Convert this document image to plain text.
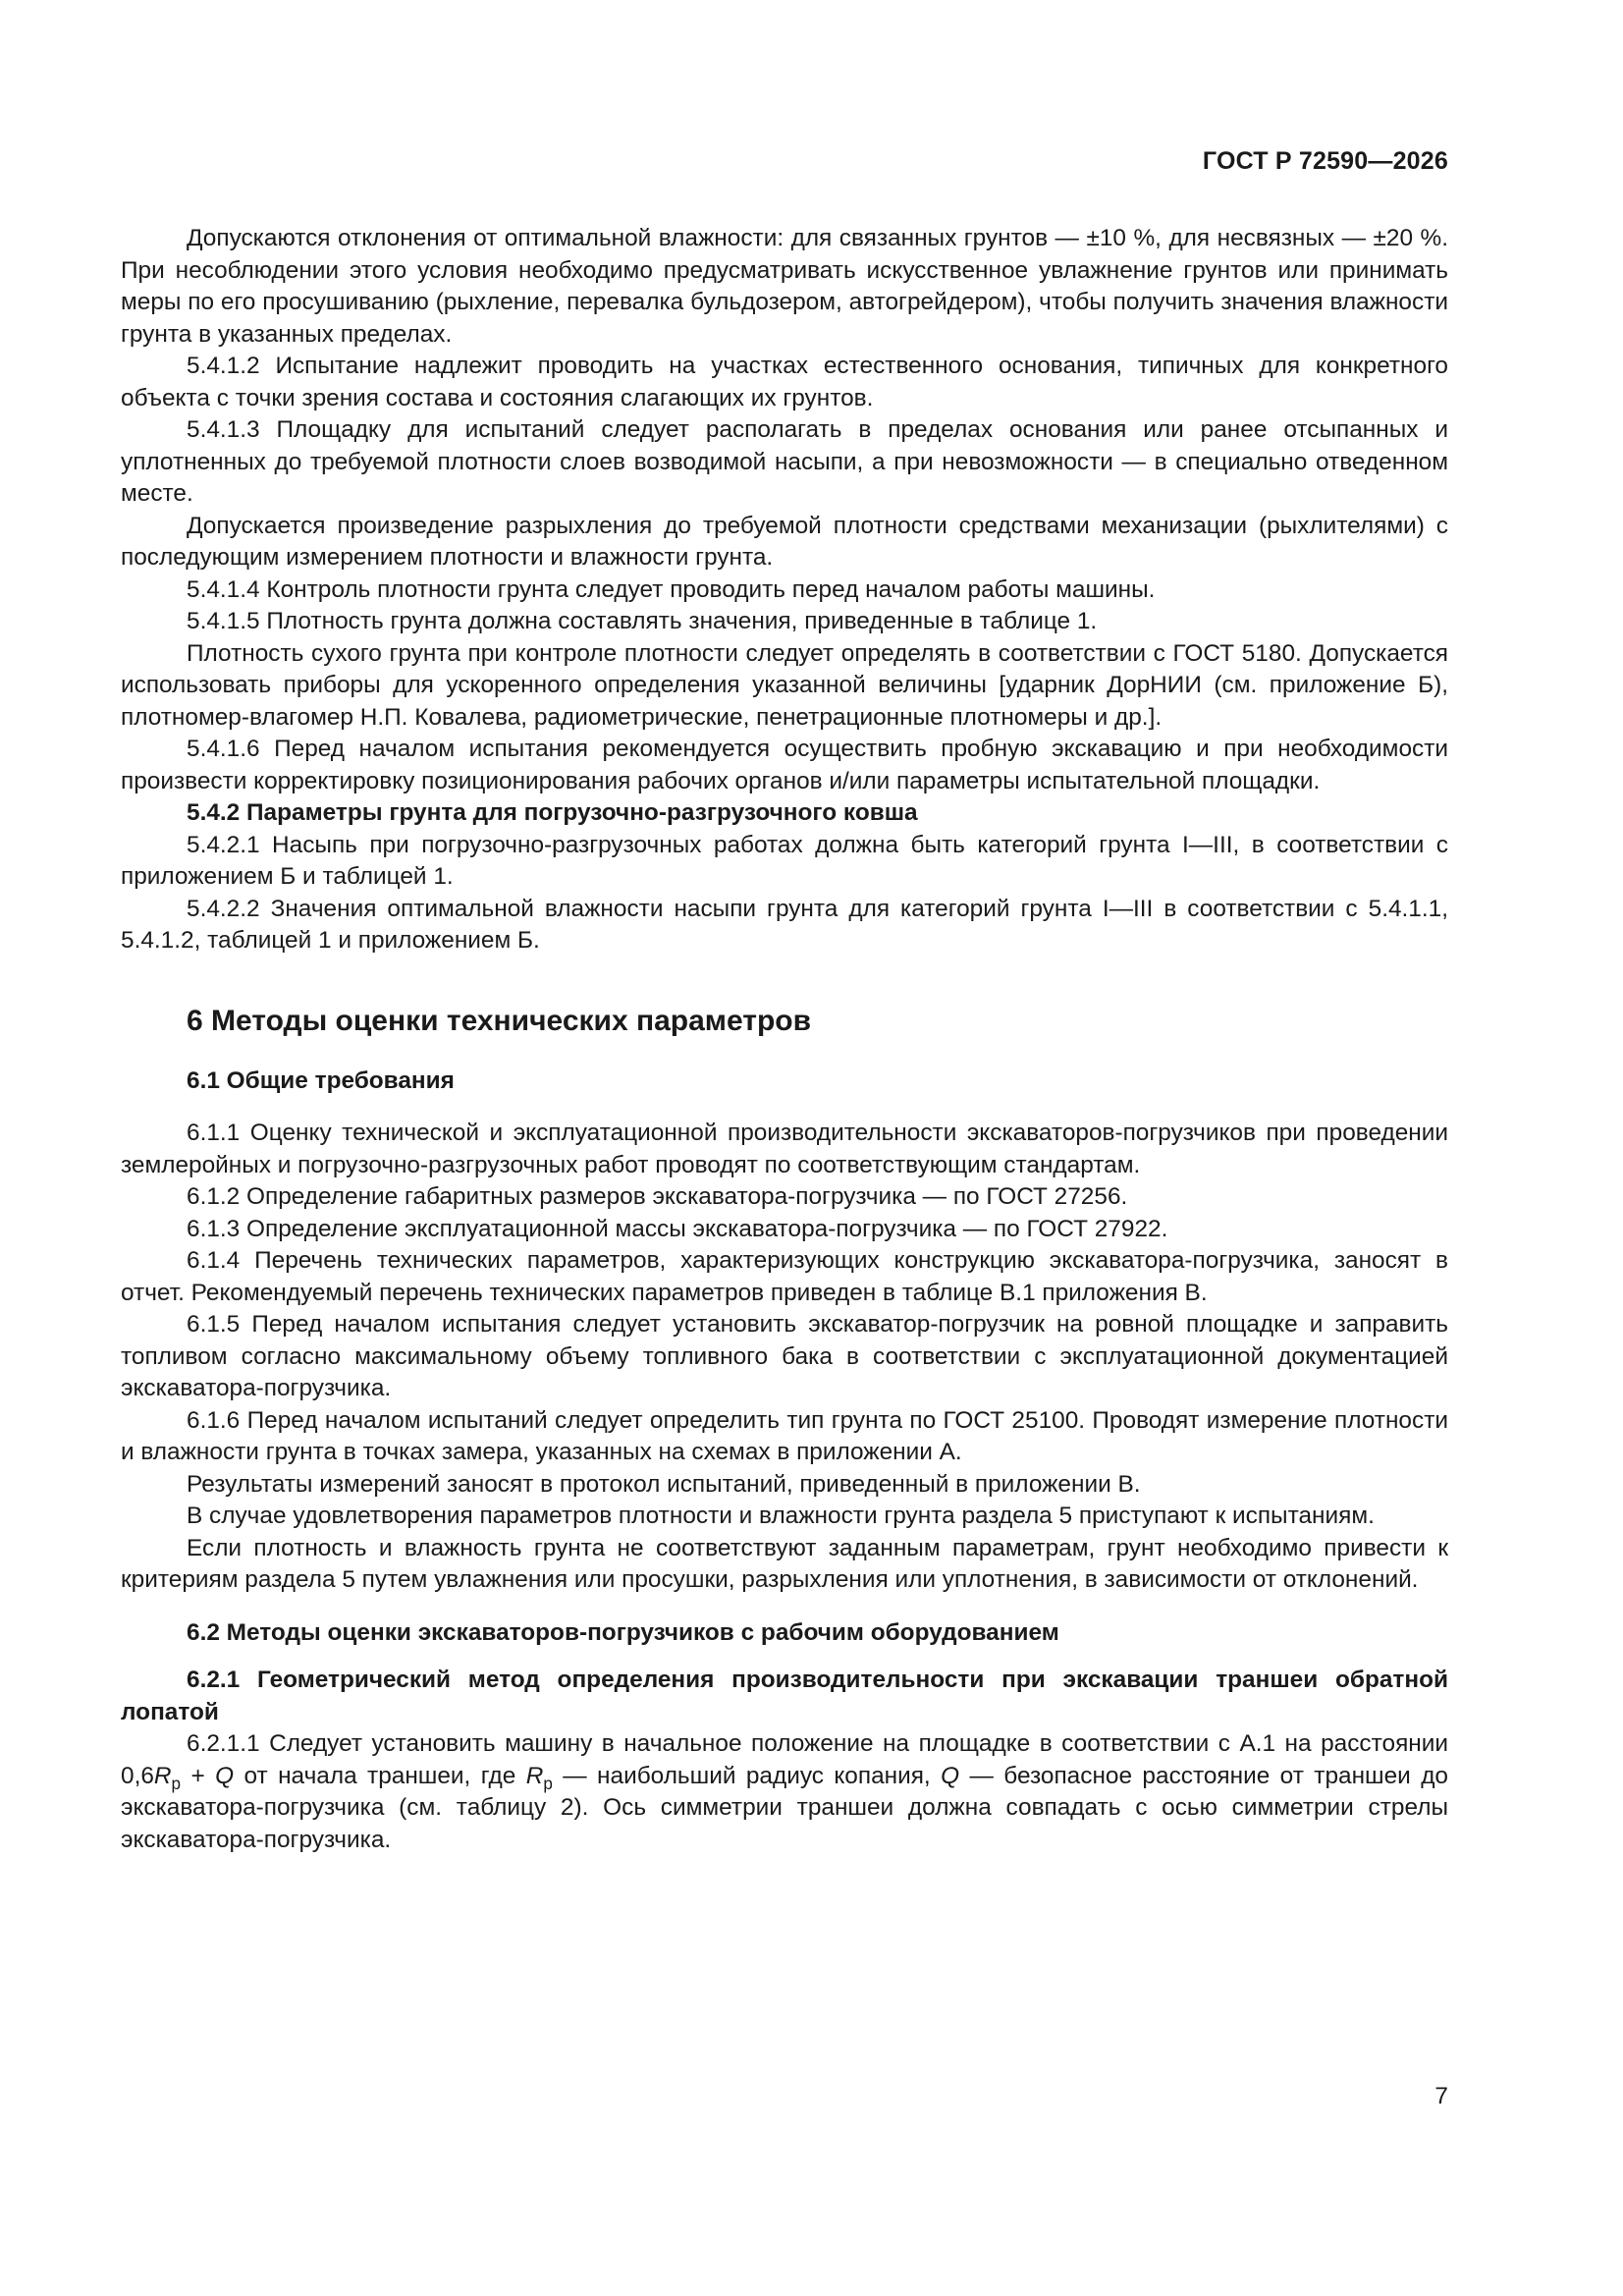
ГОСТ Р 72590—2026

Допускаются отклонения от оптимальной влажности: для связанных грунтов — ±10 %, для несвязных — ±20 %. При несоблюдении этого условия необходимо предусматривать искусственное увлажнение грунтов или принимать меры по его просушиванию (рыхление, перевалка бульдозером, автогрейдером), чтобы получить значения влажности грунта в указанных пределах.

5.4.1.2 Испытание надлежит проводить на участках естественного основания, типичных для конкретного объекта с точки зрения состава и состояния слагающих их грунтов.

5.4.1.3 Площадку для испытаний следует располагать в пределах основания или ранее отсыпанных и уплотненных до требуемой плотности слоев возводимой насыпи, а при невозможности — в специально отведенном месте.

Допускается произведение разрыхления до требуемой плотности средствами механизации (рыхлителями) с последующим измерением плотности и влажности грунта.

5.4.1.4 Контроль плотности грунта следует проводить перед началом работы машины.

5.4.1.5 Плотность грунта должна составлять значения, приведенные в таблице 1.

Плотность сухого грунта при контроле плотности следует определять в соответствии с ГОСТ 5180. Допускается использовать приборы для ускоренного определения указанной величины [ударник ДорНИИ (см. приложение Б), плотномер-влагомер Н.П. Ковалева, радиометрические, пенетрационные плотномеры и др.].

5.4.1.6 Перед началом испытания рекомендуется осуществить пробную экскавацию и при необходимости произвести корректировку позиционирования рабочих органов и/или параметры испытательной площадки.

5.4.2 Параметры грунта для погрузочно-разгрузочного ковша

5.4.2.1 Насыпь при погрузочно-разгрузочных работах должна быть категорий грунта I—III, в соответствии с приложением Б и таблицей 1.

5.4.2.2 Значения оптимальной влажности насыпи грунта для категорий грунта I—III в соответствии с 5.4.1.1, 5.4.1.2, таблицей 1 и приложением Б.

6 Методы оценки технических параметров
6.1 Общие требования

6.1.1 Оценку технической и эксплуатационной производительности экскаваторов-погрузчиков при проведении землеройных и погрузочно-разгрузочных работ проводят по соответствующим стандартам.

6.1.2 Определение габаритных размеров экскаватора-погрузчика — по ГОСТ 27256.

6.1.3 Определение эксплуатационной массы экскаватора-погрузчика — по ГОСТ 27922.

6.1.4 Перечень технических параметров, характеризующих конструкцию экскаватора-погрузчика, заносят в отчет. Рекомендуемый перечень технических параметров приведен в таблице В.1 приложения В.

6.1.5 Перед началом испытания следует установить экскаватор-погрузчик на ровной площадке и заправить топливом согласно максимальному объему топливного бака в соответствии с эксплуатационной документацией экскаватора-погрузчика.

6.1.6 Перед началом испытаний следует определить тип грунта по ГОСТ 25100. Проводят измерение плотности и влажности грунта в точках замера, указанных на схемах в приложении А.

Результаты измерений заносят в протокол испытаний, приведенный в приложении В.

В случае удовлетворения параметров плотности и влажности грунта раздела 5 приступают к испытаниям.

Если плотность и влажность грунта не соответствуют заданным параметрам, грунт необходимо привести к критериям раздела 5 путем увлажнения или просушки, разрыхления или уплотнения, в зависимости от отклонений.

6.2 Методы оценки экскаваторов-погрузчиков с рабочим оборудованием

6.2.1 Геометрический метод определения производительности при экскавации траншеи обратной лопатой

6.2.1.1 Следует установить машину в начальное положение на площадке в соответствии с А.1 на расстоянии $0,6R_р + Q$ от начала траншеи, где $R_р$ — наибольший радиус копания, Q — безопасное расстояние от траншеи до экскаватора-погрузчика (см. таблицу 2). Ось симметрии траншеи должна совпадать с осью симметрии стрелы экскаватора-погрузчика.

7
